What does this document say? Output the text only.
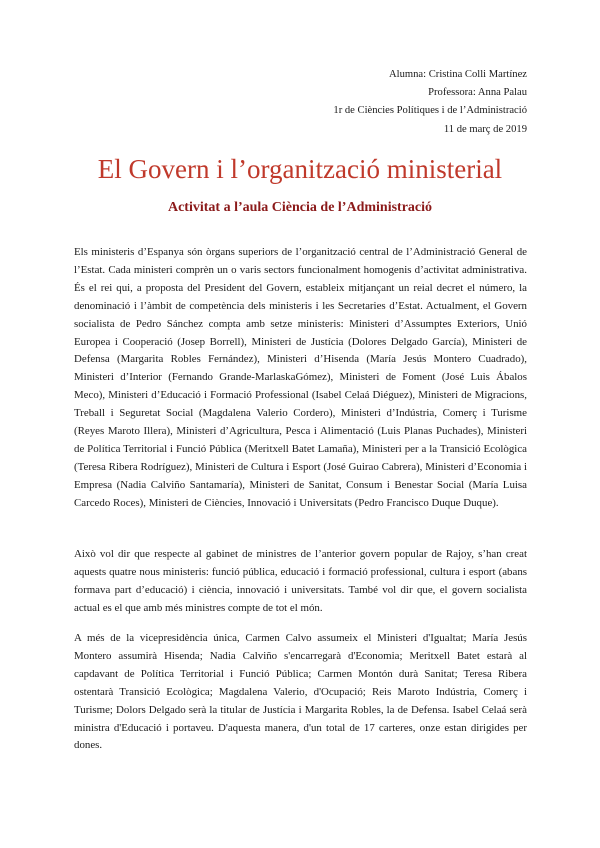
Alumna: Cristina Colli Martínez
Professora: Anna Palau
1r de Ciències Polítiques i de l’Administració
11 de març de 2019
El Govern i l’organització ministerial
Activitat a l’aula Ciència de l’Administració

Els ministeris d’Espanya són òrgans superiors de l’organització central de l’Administració General de l’Estat. Cada ministeri comprèn un o varis sectors funcionalment homogenis d’activitat administrativa. És el rei qui, a proposta del President del Govern, estableix mitjançant un reial decret el número, la denominació i l’àmbit de competència dels ministeris i les Secretaries d’Estat. Actualment, el Govern socialista de Pedro Sánchez compta amb setze ministeris: Ministeri d’Assumptes Exteriors, Unió Europea i Cooperació (Josep Borrell), Ministeri de Justícia (Dolores Delgado García), Ministeri de Defensa (Margarita Robles Fernández), Ministeri d’Hisenda (María Jesús Montero Cuadrado), Ministeri d’Interior (Fernando Grande-MarlaskaGómez), Ministeri de Foment (José Luis Ábalos Meco), Ministeri d’Educació i Formació Professional (Isabel Celaá Diéguez), Ministeri de Migracions, Treball i Seguretat Social (Magdalena Valerio Cordero), Ministeri d’Indústria, Comerç i Turisme (Reyes Maroto Illera), Ministeri d’Agricultura, Pesca i Alimentació (Luis Planas Puchades), Ministeri de Política Territorial i Funció Pública (Meritxell Batet Lamaña), Ministeri per a la Transició Ecològica (Teresa Ribera Rodríguez), Ministeri de Cultura i Esport (José Guirao Cabrera), Ministeri d’Economia i Empresa (Nadia Calviño Santamaría), Ministeri de Sanitat, Consum i Benestar Social (María Luisa Carcedo Roces), Ministeri de Ciències, Innovació i Universitats (Pedro Francisco Duque Duque).

Això vol dir que respecte al gabinet de ministres de l’anterior govern popular de Rajoy, s’han creat aquests quatre nous ministeris: funció pública, educació i formació professional, cultura i esport (abans formava part d’educació) i ciència, innovació i universitats. També vol dir que, el govern socialista actual es el que amb més ministres compte de tot el món.

A més de la vicepresidència única, Carmen Calvo assumeix el Ministeri d'Igualtat; María Jesús Montero assumirà Hisenda; Nadia Calviño s'encarregarà d'Economia; Meritxell Batet estarà al capdavant de Política Territorial i Funció Pública; Carmen Montón durà Sanitat; Teresa Ribera ostentarà Transició Ecològica; Magdalena Valerio, d'Ocupació; Reis Maroto Indústria, Comerç i Turisme; Dolors Delgado serà la titular de Justícia i Margarita Robles, la de Defensa. Isabel Celaá serà ministra d'Educació i portaveu. D'aquesta manera, d'un total de 17 carteres, onze estan dirigides per dones.
